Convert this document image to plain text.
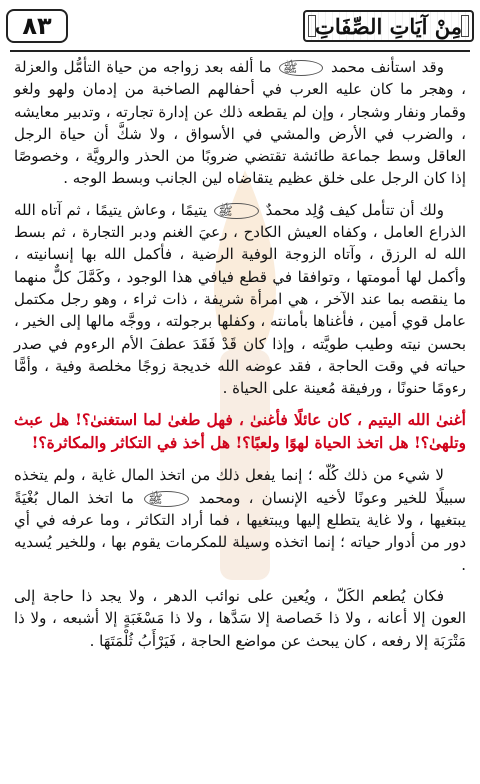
٨٣	مِنْ آيَاتِ الصِّفَاتِ

وقد استأنف محمد ﷺ ما ألفه بعد زواجه من حياة التأمُّل والعزلة ، وهجر ما كان عليه العرب في أحفالهم الصاخبة من إدمان ولهو ولغو وقمار ونفار وشجار ، وإن لم يقطعه ذلك عن إدارة تجارته ، وتدبير معايشه ، والضرب في الأرض والمشي في الأسواق ، ولا شكَّ أن حياة الرجل العاقل وسط جماعة طائشة تقتضي ضروبًا من الحذر والرويَّة ، وخصوصًا إذا كان الرجل على خلق عظيم يتقاضاه لين الجانب وبسط الوجه .

ولك أن تتأمل كيف وُلِد محمدٌ ﷺ يتيمًا ، وعاش يتيمًا ، ثم آتاه الله الذراع العامل ، وكفاه العيش الكادح ، رعيَ الغنم ودبر التجارة ، ثم بسط الله له الرزق ، وآتاه الزوجة الوفية الرضية ، فأكمل الله بها إنسانيته ، وأكمل لها أمومتها ، وتوافقا في قطع فيافي هذا الوجود ، وكَمَّلَ كلٌّ منهما ما ينقصه بما عند الآخر ، هي امرأة شريفة ، ذات ثراء ، وهو رجل مكتمل عامل قوي أمين ، فأغناها بأمانته ، وكفلها برجولته ، ووجَّه مالها إلى الخير ، بحسن نيته وطيب طويَّته ، وإذا كان قَدْ فَقَدَ عطفَ الأم الرءوم في صدر حياته في وقت الحاجة ، فقد عوضه الله خديجة زوجًا مخلصة وفية ، وأمًّا رءومًا حنونًا ، ورفيقة مُعينة على الحياة .

أغنىٰ الله اليتيم ، كان عائلًا فأغنىٰ ، فهل طغىٰ لما استغنىٰ؟! هل عبث وتلهىٰ؟! هل اتخذ الحياة لهوًا ولعبًا؟! هل أخذ في التكاثر والمكاثرة؟!

لا شيء من ذلك كُلّه ؛ إنما يفعل ذلك من اتخذ المال غاية ، ولم يتخذه سبيلًا للخير وعونًا لأخيه الإنسان ، ومحمد ﷺ ما اتخذ المال بُغْيَةً يبتغيها ، ولا غاية يتطلع إليها ويبتغيها ، فما أراد التكاثر ، وما عرفه في أي دور من أدوار حياته ؛ إنما اتخذه وسيلة للمكرمات يقوم بها ، وللخير يُسديه .

فكان يُطعم الكَلّ ، ويُعين على نوائب الدهر ، ولا يجد ذا حاجة إلى العون إلا أعانه ، ولا ذا خَصاصة إلا سَدَّها ، ولا ذا مَسْغَبَةٍ إلا أشبعه ، ولا ذا مَتْرَبَة إلا رفعه ، كان يبحث عن مواضع الحاجة ، فَيَرْأَبُ ثُلْمَتَهَا .
